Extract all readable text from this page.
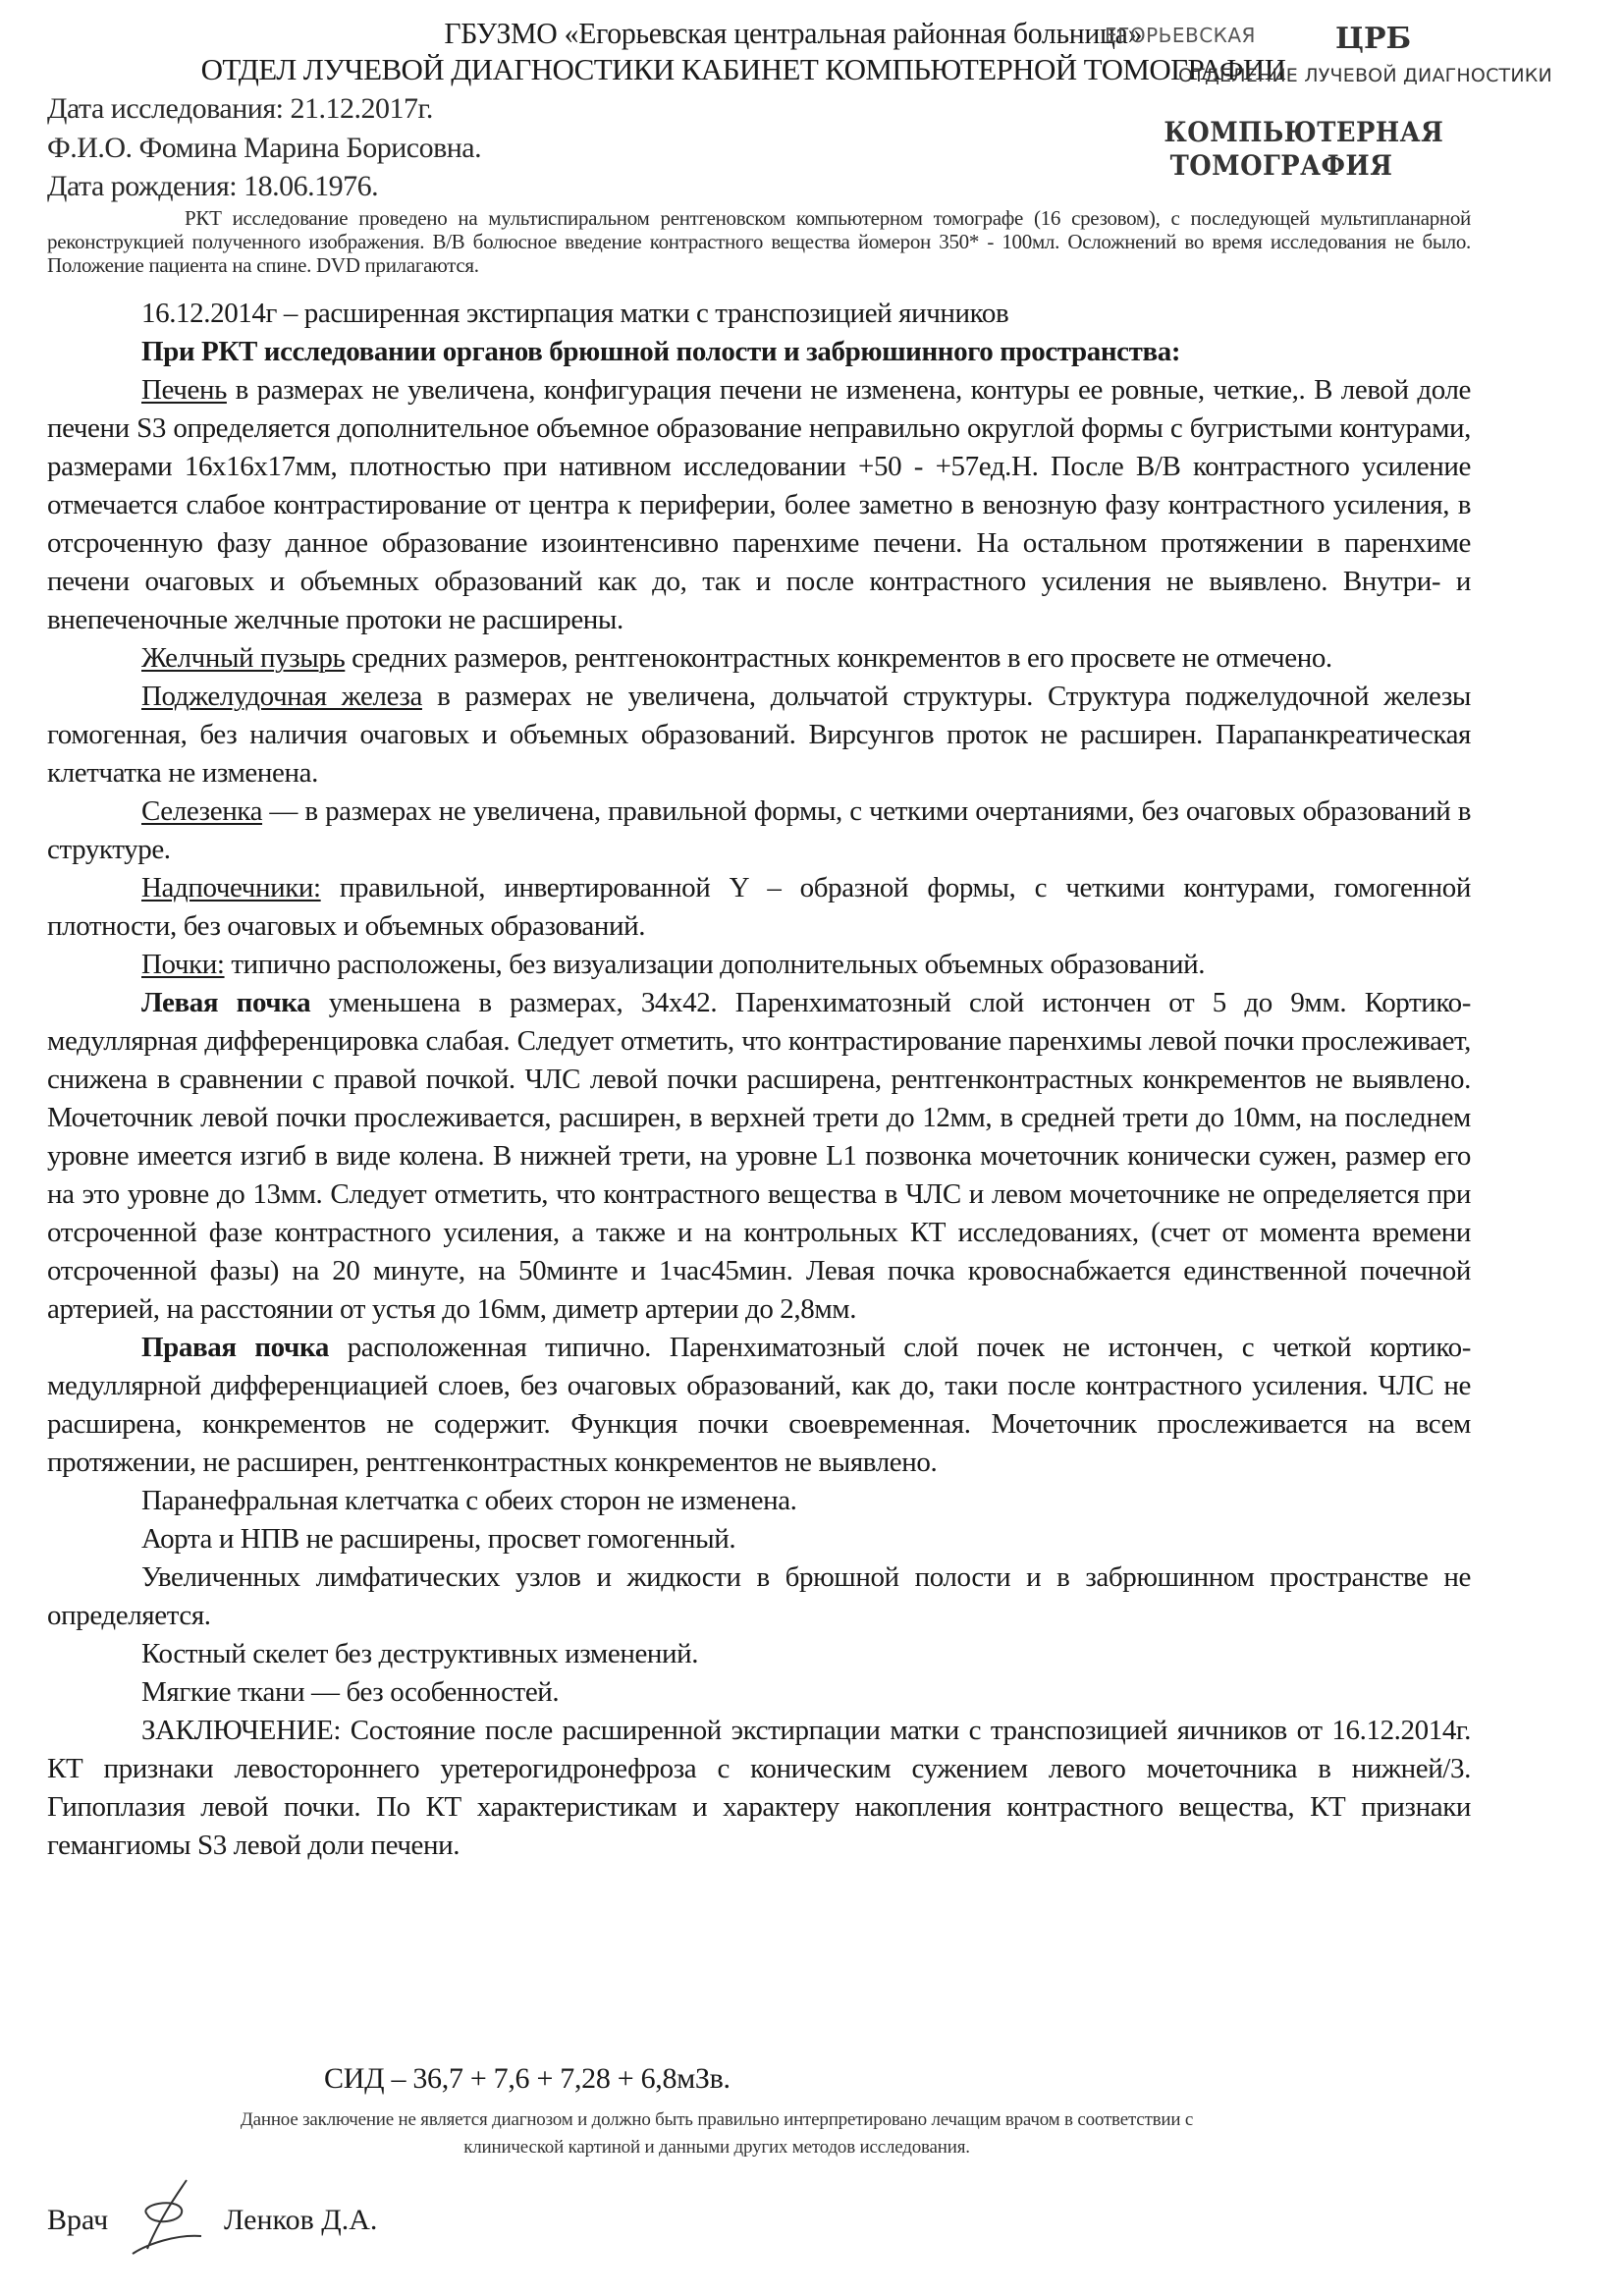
ГБУЗМО «Егорьевская центральная районная больница»
ОТДЕЛ ЛУЧЕВОЙ ДИАГНОСТИКИ КАБИНЕТ КОМПЬЮТЕРНОЙ ТОМОГРАФИИ
ЕГОРЬЕВСКАЯ	ЦРБ
ОТДЕЛЕНИЕ ЛУЧЕВОЙ ДИАГНОСТИКИ
КОМПЬЮТЕРНАЯ
ТОМОГРАФИЯ
Дата исследования: 21.12.2017г.
Ф.И.О. Фомина Марина Борисовна.
Дата рождения: 18.06.1976.
РКТ исследование проведено на мультиспиральном рентгеновском компьютерном томографе (16 срезовом), с последующей мультипланарной реконструкцией полученного изображения. В/В болюсное введение контрастного вещества йомерон 350* - 100мл. Осложнений во время исследования не было. Положение пациента на спине. DVD прилагаются.

16.12.2014г – расширенная экстирпация матки с транспозицией яичников

При РКТ исследовании органов брюшной полости и забрюшинного пространства:

Печень в размерах не увеличена, конфигурация печени не изменена, контуры ее ровные, четкие,. В левой доле печени S3 определяется дополнительное объемное образование неправильно округлой формы с бугристыми контурами, размерами 16х16х17мм, плотностью при нативном исследовании +50 - +57ед.Н. После В/В контрастного усиление отмечается слабое контрастирование от центра к периферии, более заметно в венозную фазу контрастного усиления, в отсроченную фазу данное образование изоинтенсивно паренхиме печени. На остальном протяжении в паренхиме печени очаговых и объемных образований как до, так и после контрастного усиления не выявлено. Внутри- и внепеченочные желчные протоки не расширены.

Желчный пузырь средних размеров, рентгеноконтрастных конкрементов в его просвете не отмечено.

Поджелудочная железа в размерах не увеличена, дольчатой структуры. Структура поджелудочной железы гомогенная, без наличия очаговых и объемных образований. Вирсунгов проток не расширен. Парапанкреатическая клетчатка не изменена.

Селезенка — в размерах не увеличена, правильной формы, с четкими очертаниями, без очаговых образований в структуре.

Надпочечники: правильной, инвертированной Y – образной формы, с четкими контурами, гомогенной плотности, без очаговых и объемных образований.

Почки: типично расположены, без визуализации дополнительных объемных образований.

Левая почка уменьшена в размерах, 34х42. Паренхиматозный слой истончен от 5 до 9мм. Кортико-медуллярная дифференцировка слабая. Следует отметить, что контрастирование паренхимы левой почки прослеживает, снижена в сравнении с правой почкой. ЧЛС левой почки расширена, рентгенконтрастных конкрементов не выявлено. Мочеточник левой почки прослеживается, расширен, в верхней трети до 12мм, в средней трети до 10мм, на последнем уровне имеется изгиб в виде колена. В нижней трети, на уровне L1 позвонка мочеточник конически сужен, размер его на это уровне до 13мм. Следует отметить, что контрастного вещества в ЧЛС и левом мочеточнике не определяется при отсроченной фазе контрастного усиления, а также и на контрольных КТ исследованиях, (счет от момента времени отсроченной фазы) на 20 минуте, на 50минте и 1час45мин. Левая почка кровоснабжается единственной почечной артерией, на расстоянии от устья до 16мм, диметр артерии до 2,8мм.

Правая почка расположенная типично. Паренхиматозный слой почек не истончен, с четкой кортико-медуллярной дифференциацией слоев, без очаговых образований, как до, таки после контрастного усиления. ЧЛС не расширена, конкрементов не содержит. Функция почки своевременная. Мочеточник прослеживается на всем протяжении, не расширен, рентгенконтрастных конкрементов не выявлено.

Паранефральная клетчатка с обеих сторон не изменена.

Аорта и НПВ не расширены, просвет гомогенный.

Увеличенных лимфатических узлов и жидкости в брюшной полости и в забрюшинном пространстве не определяется.

Костный скелет без деструктивных изменений.

Мягкие ткани — без особенностей.

ЗАКЛЮЧЕНИЕ: Состояние после расширенной экстирпации матки с транспозицией яичников от 16.12.2014г. КТ признаки левостороннего уретерогидронефроза с коническим сужением левого мочеточника в нижней/3. Гипоплазия левой почки. По КТ характеристикам и характеру накопления контрастного вещества, КТ признаки гемангиомы S3 левой доли печени.

СИД – 36,7 + 7,6 + 7,28 + 6,8мЗв.
Данное заключение не является диагнозом и должно быть правильно интерпретировано лечащим врачом в соответствии с
клинической картиной и данными других методов исследования.
Врач	Ленков Д.А.
